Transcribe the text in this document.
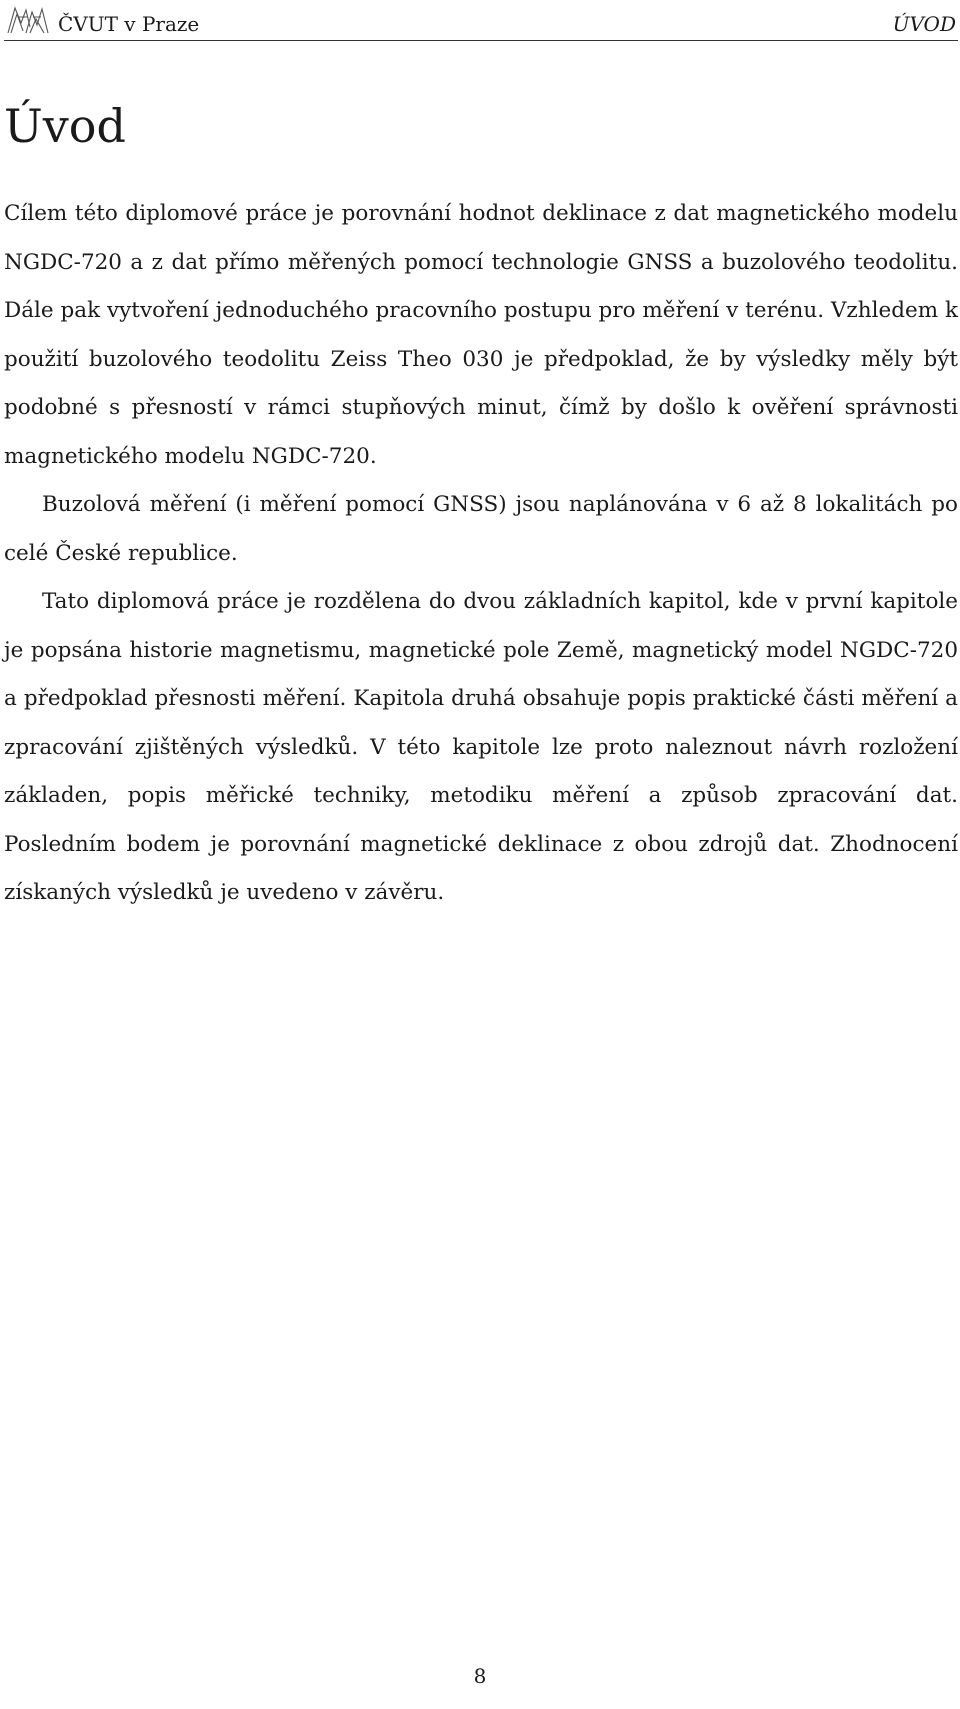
ČVUT v Praze	ÚVOD
Úvod

Cílem této diplomové práce je porovnání hodnot deklinace z dat magnetického modelu NGDC-720 a z dat přímo měřených pomocí technologie GNSS a buzolového teodolitu. Dále pak vytvoření jednoduchého pracovního postupu pro měření v terénu. Vzhledem k použití buzolového teodolitu Zeiss Theo 030 je předpoklad, že by výsledky měly být podobné s přesností v rámci stupňových minut, čímž by došlo k ověření správnosti magnetického modelu NGDC-720.

Buzolová měření (i měření pomocí GNSS) jsou naplánována v 6 až 8 lokalitách po celé České republice.

Tato diplomová práce je rozdělena do dvou základních kapitol, kde v první kapitole je popsána historie magnetismu, magnetické pole Země, magnetický model NGDC-720 a předpoklad přesnosti měření. Kapitola druhá obsahuje popis praktické části měření a zpracování zjištěných výsledků. V této kapitole lze proto naleznout návrh rozložení základen, popis měřické techniky, metodiku měření a způsob zpracování dat. Posledním bodem je porovnání magnetické deklinace z obou zdrojů dat. Zhodnocení získaných výsledků je uvedeno v závěru.

8
